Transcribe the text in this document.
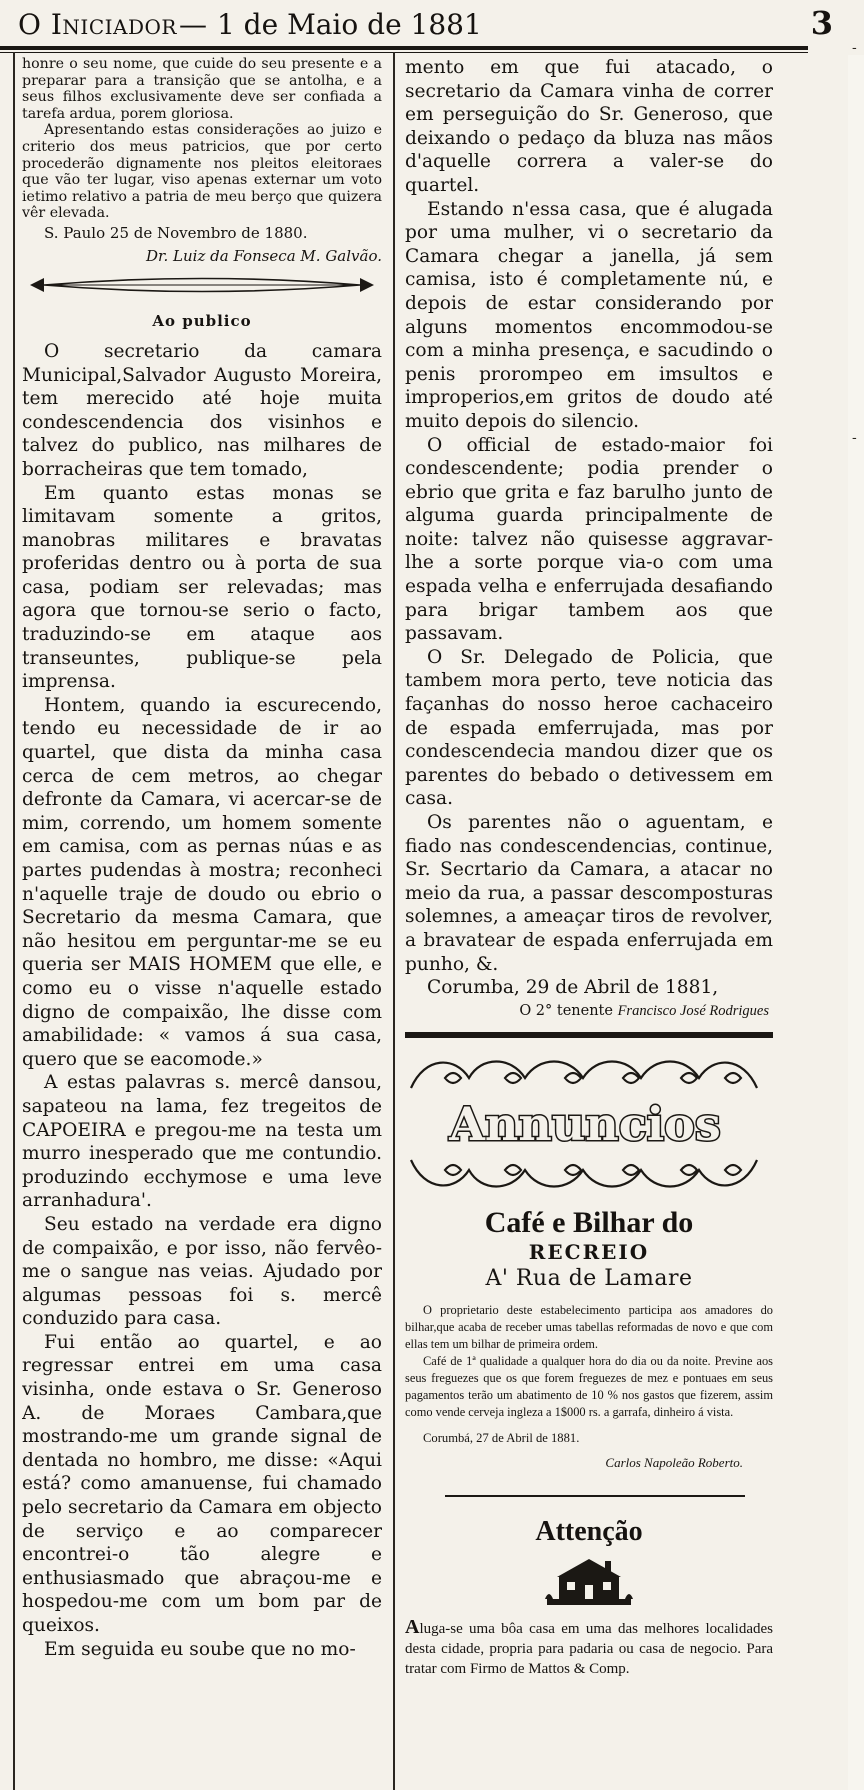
O Iniciador — 1 de Maio de 1881	3

honre o seu nome, que cuide do seu presente e a preparar para a transição que se antolha, e a seus filhos exclusivamente deve ser confiada a tarefa ardua, porem gloriosa.

Apresentando estas considerações ao juizo e criterio dos meus patricios, que por certo procederão dignamente nos pleitos eleitoraes que vão ter lugar, viso apenas externar um voto ietimo relativo a patria de meu berço que quizera vêr elevada.

S. Paulo 25 de Novembro de 1880.

Dr. Luiz da Fonseca M. Galvão.

Ao publico

O secretario da camara Municipal,Salvador Augusto Moreira, tem merecido até hoje muita condescendencia dos visinhos e talvez do publico, nas milhares de borracheiras que tem tomado,

Em quanto estas monas se limitavam somente a gritos, manobras militares e bravatas proferidas dentro ou à porta de sua casa, podiam ser relevadas; mas agora que tornou-se serio o facto, traduzindo-se em ataque aos transeuntes, publique-se pela imprensa.

Hontem, quando ia escurecendo, tendo eu necessidade de ir ao quartel, que dista da minha casa cerca de cem metros, ao chegar defronte da Camara, vi acercar-se de mim, correndo, um homem somente em camisa, com as pernas núas e as partes pudendas à mostra; reconheci n'aquelle traje de doudo ou ebrio o Secretario da mesma Camara, que não hesitou em perguntar-me se eu queria ser MAIS HOMEM que elle, e como eu o visse n'aquelle estado digno de compaixão, lhe disse com amabilidade: « vamos á sua casa, quero que se eacomode.»

A estas palavras s. mercê dansou, sapateou na lama, fez tregeitos de CAPOEIRA e pregou-me na testa um murro inesperado que me contundio. produzindo ecchymose e uma leve arranhadura'.

Seu estado na verdade era digno de compaixão, e por isso, não fervêo-me o sangue nas veias. Ajudado por algumas pessoas foi s. mercê conduzido para casa.

Fui então ao quartel, e ao regressar entrei em uma casa visinha, onde estava o Sr. Generoso A. de Moraes Cambara,que mostrando-me um grande signal de dentada no hombro, me disse: «Aqui está? como amanuense, fui chamado pelo secretario da Camara em objecto de serviço e ao comparecer encontrei-o tão alegre e enthusiasmado que abraçou-me e hospedou-me com um bom par de queixos.

Em seguida eu soube que no mo-

mento em que fui atacado, o secretario da Camara vinha de correr em perseguição do Sr. Generoso, que deixando o pedaço da bluza nas mãos d'aquelle correra a valer-se do quartel.

Estando n'essa casa, que é alugada por uma mulher, vi o secretario da Camara chegar a janella, já sem camisa, isto é completamente nú, e depois de estar considerando por alguns momentos encommodou-se com a minha presença, e sacudindo o penis prorompeo em imsultos e improperios,em gritos de doudo até muito depois do silencio.

O official de estado-maior foi condescendente; podia prender o ebrio que grita e faz barulho junto de alguma guarda principalmente de noite: talvez não quisesse aggravar-lhe a sorte porque via-o com uma espada velha e enferrujada desafiando para brigar tambem aos que passavam.

O Sr. Delegado de Policia, que tambem mora perto, teve noticia das façanhas do nosso heroe cachaceiro de espada emferrujada, mas por condescendecia mandou dizer que os parentes do bebado o detivessem em casa.

Os parentes não o aguentam, e fiado nas condescendencias, continue, Sr. Secrtario da Camara, a atacar no meio da rua, a passar descomposturas solemnes, a ameaçar tiros de revolver, a bravatear de espada enferrujada em punho, &.

Corumba, 29 de Abril de 1881,

O 2° tenente Francisco José Rodrigues
Annuncios
Café e Bilhar do
RECREIO
A' Rua de Lamare

O proprietario deste estabelecimento participa aos amadores do bilhar,que acaba de receber umas tabellas reformadas de novo e que com ellas tem um bilhar de primeira ordem.

Café de 1ª qualidade a qualquer hora do dia ou da noite. Previne aos seus freguezes que os que forem freguezes de mez e pontuaes em seus pagamentos terão um abatimento de 10 % nos gastos que fizerem, assim como vende cerveja ingleza a 1$000 rs. a garrafa, dinheiro á vista.

Corumbá, 27 de Abril de 1881.

Carlos Napoleão Roberto.

Attenção

Aluga-se uma bôa casa em uma das melhores localidades desta cidade, propria para padaria ou casa de negocio. Para tratar com Firmo de Mattos & Comp.

-
-
